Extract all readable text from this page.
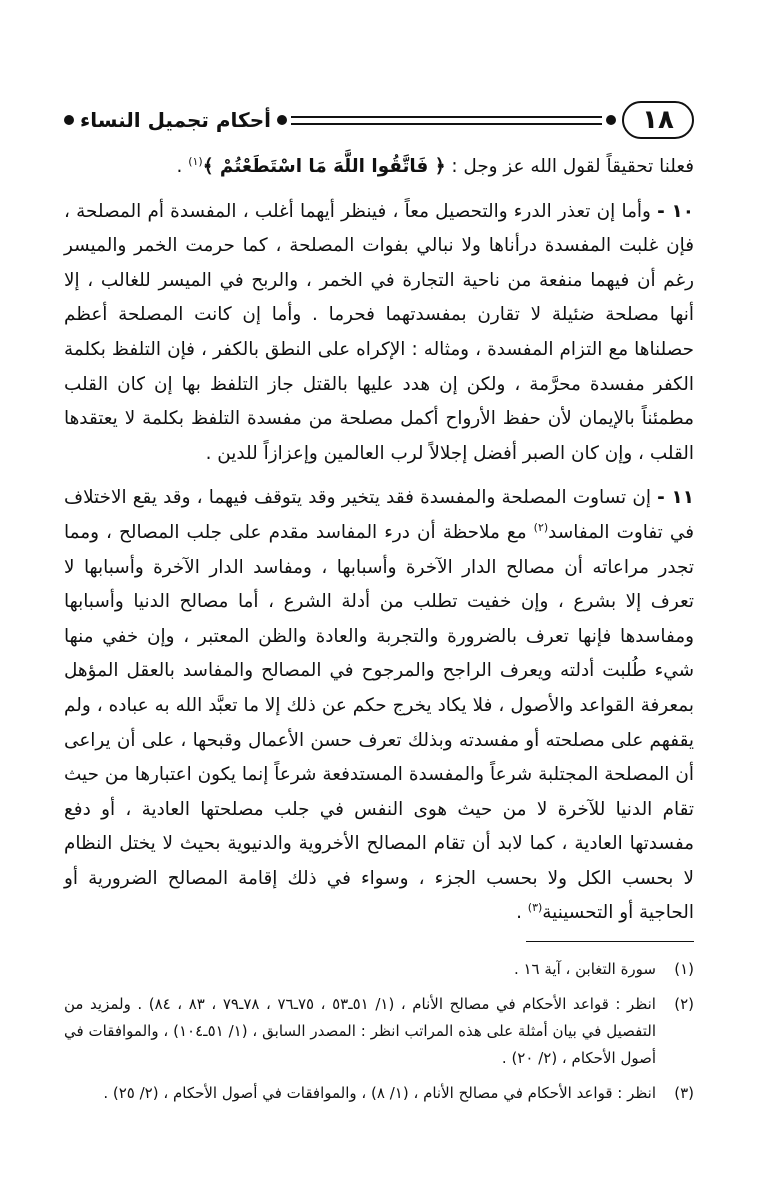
١٨
أحكام تجميل النساء

فعلنا تحقيقاً لقول الله عز وجل : ﴿ فَاتَّقُوا اللَّهَ مَا اسْتَطَعْتُمْ ﴾$^{(١)}$ .

١٠ - وأما إن تعذر الدرء والتحصيل معاً ، فينظر أيهما أغلب ، المفسدة أم المصلحة ، فإن غلبت المفسدة درأناها ولا نبالي بفوات المصلحة ، كما حرمت الخمر والميسر رغم أن فيهما منفعة من ناحية التجارة في الخمر ، والربح في الميسر للغالب ، إلا أنها مصلحة ضئيلة لا تقارن بمفسدتهما فحرما . وأما إن كانت المصلحة أعظم حصلناها مع التزام المفسدة ، ومثاله : الإكراه على النطق بالكفر ، فإن التلفظ بكلمة الكفر مفسدة محرَّمة ، ولكن إن هدد عليها بالقتل جاز التلفظ بها إن كان القلب مطمئناً بالإيمان لأن حفظ الأرواح أكمل مصلحة من مفسدة التلفظ بكلمة لا يعتقدها القلب ، وإن كان الصبر أفضل إجلالاً لرب العالمين وإعزازاً للدين .

١١ - إن تساوت المصلحة والمفسدة فقد يتخير وقد يتوقف فيهما ، وقد يقع الاختلاف في تفاوت المفاسد$^{(٢)}$ مع ملاحظة أن درء المفاسد مقدم على جلب المصالح ، ومما تجدر مراعاته أن مصالح الدار الآخرة وأسبابها ، ومفاسد الدار الآخرة وأسبابها لا تعرف إلا بشرع ، وإن خفيت تطلب من أدلة الشرع ، أما مصالح الدنيا وأسبابها ومفاسدها فإنها تعرف بالضرورة والتجربة والعادة والظن المعتبر ، وإن خفي منها شيء طُلبت أدلته ويعرف الراجح والمرجوح في المصالح والمفاسد بالعقل المؤهل بمعرفة القواعد والأصول ، فلا يكاد يخرج حكم عن ذلك إلا ما تعبَّد الله به عباده ، ولم يقفهم على مصلحته أو مفسدته وبذلك تعرف حسن الأعمال وقبحها ، على أن يراعى أن المصلحة المجتلبة شرعاً والمفسدة المستدفعة شرعاً إنما يكون اعتبارها من حيث تقام الدنيا للآخرة لا من حيث هوى النفس في جلب مصلحتها العادية ، أو دفع مفسدتها العادية ، كما لابد أن تقام المصالح الأخروية والدنيوية بحيث لا يختل النظام لا بحسب الكل ولا بحسب الجزء ، وسواء في ذلك إقامة المصالح الضرورية أو الحاجية أو التحسينية$^{(٣)}$ .

(١)
سورة التغابن ، آية ١٦ .
(٢)
انظر : قواعد الأحكام في مصالح الأنام ، (١/ ٥١ـ٥٣ ، ٧٥ـ٧٦ ، ٧٨ـ٧٩ ، ٨٣ ، ٨٤) . ولمزيد من التفصيل في بيان أمثلة على هذه المراتب انظر : المصدر السابق ، (١/ ٥١ـ١٠٤) ، والموافقات في أصول الأحكام ، (٢/ ٢٠) .
(٣)
انظر : قواعد الأحكام في مصالح الأنام ، (١/ ٨) ، والموافقات في أصول الأحكام ، (٢/ ٢٥) .
